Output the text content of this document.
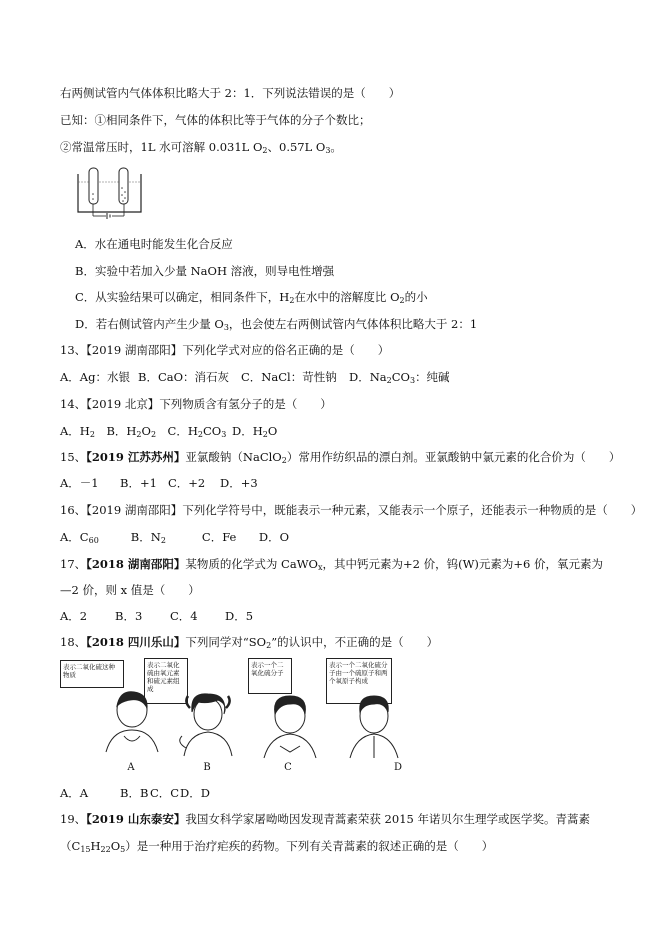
右两侧试管内气体体积比略大于 2：1．下列说法错误的是（　　）
已知：①相同条件下，气体的体积比等于气体的分子个数比；
②常温常压时，1L 水可溶解 0.031L $O_2$、0.57L $O_3$。
A．水在通电时能发生化合反应
B．实验中若加入少量 NaOH 溶液，则导电性增强
C．从实验结果可以确定，相同条件下，$H_2$在水中的溶解度比 $O_2$的小
D．若右侧试管内产生少量 $O_3$，也会使左右两侧试管内气体体积比略大于 2：1
13、【2019 湖南邵阳】下列化学式对应的俗名正确的是（　　）
A．Ag：水银 B．CaO：消石灰 C．NaCl：苛性钠 D．$Na_2CO_3$：纯碱
14、【2019 北京】下列物质含有氢分子的是（　　）
A．$H_2$  B．$H_2O_2$  C．$H_2CO_3$  D．$H_2O$
15、【2019 江苏苏州】亚氯酸钠（NaClO$_2$）常用作纺织品的漂白剂。亚氯酸钠中氯元素的化合价为（　　）
A．－1 B．+1 C．+2 D．+3
16、【2019 湖南邵阳】下列化学符号中，既能表示一种元素，又能表示一个原子，还能表示一种物质的是（　　）
A．$C_{60}$	B．$N_2$	C．Fe D．O
17、【2018 湖南邵阳】某物质的化学式为 CaWO$_x$，其中钙元素为+2 价，钨(W)元素为+6 价，氧元素为
—2 价，则 x 值是（　　）
A．2 B．3 C．4 D．5
18、【2018 四川乐山】下列同学对“$SO_2$”的认识中，不正确的是（　　）
表示二氧化硫这种物质
表示二氧化硫由氧元素和硫元素组成
表示一个二氧化硫分子
表示一个二氧化硫分子由一个硫原子和两个氧原子构成
A	B	C	D
A．A	B．B C．CD．D
19、【2019 山东泰安】我国女科学家屠呦呦因发现青蒿素荣获 2015 年诺贝尔生理学或医学奖。青蒿素
$(C_{15}H_{22}O_5)$是一种用于治疗疟疾的药物。下列有关青蒿素的叙述正确的是（　　）
